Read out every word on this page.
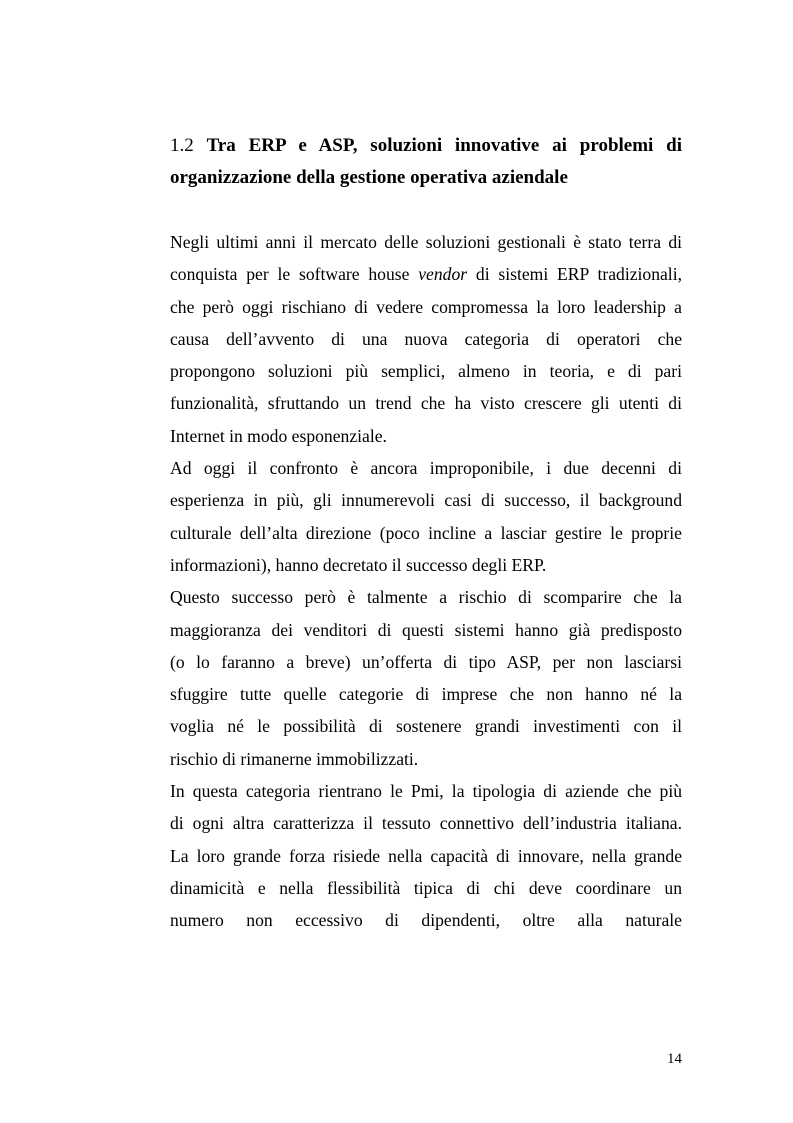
1.2 Tra ERP e ASP, soluzioni innovative ai problemi di
organizzazione della gestione operativa aziendale
Negli ultimi anni il mercato delle soluzioni gestionali è stato terra di
conquista per le software house vendor di sistemi ERP tradizionali,
che però oggi rischiano di vedere compromessa la loro leadership a
causa dell’avvento di una nuova categoria di operatori che
propongono soluzioni più semplici, almeno in teoria, e di pari
funzionalità, sfruttando un trend che ha visto crescere gli utenti di
Internet in modo esponenziale.
Ad oggi il confronto è ancora improponibile, i due decenni di
esperienza in più, gli innumerevoli casi di successo, il background
culturale dell’alta direzione (poco incline a lasciar gestire le proprie
informazioni), hanno decretato il successo degli ERP.
Questo successo però è talmente a rischio di scomparire che la
maggioranza dei venditori di questi sistemi hanno già predisposto
(o lo faranno a breve) un’offerta di tipo ASP, per non lasciarsi
sfuggire tutte quelle categorie di imprese che non hanno né la
voglia né le possibilità di sostenere grandi investimenti con il
rischio di rimanerne immobilizzati.
In questa categoria rientrano le Pmi, la tipologia di aziende che più
di ogni altra caratterizza il tessuto connettivo dell’industria italiana.
La loro grande forza risiede nella capacità di innovare, nella grande
dinamicità e nella flessibilità tipica di chi deve coordinare un
numero non eccessivo di dipendenti, oltre alla naturale
14
